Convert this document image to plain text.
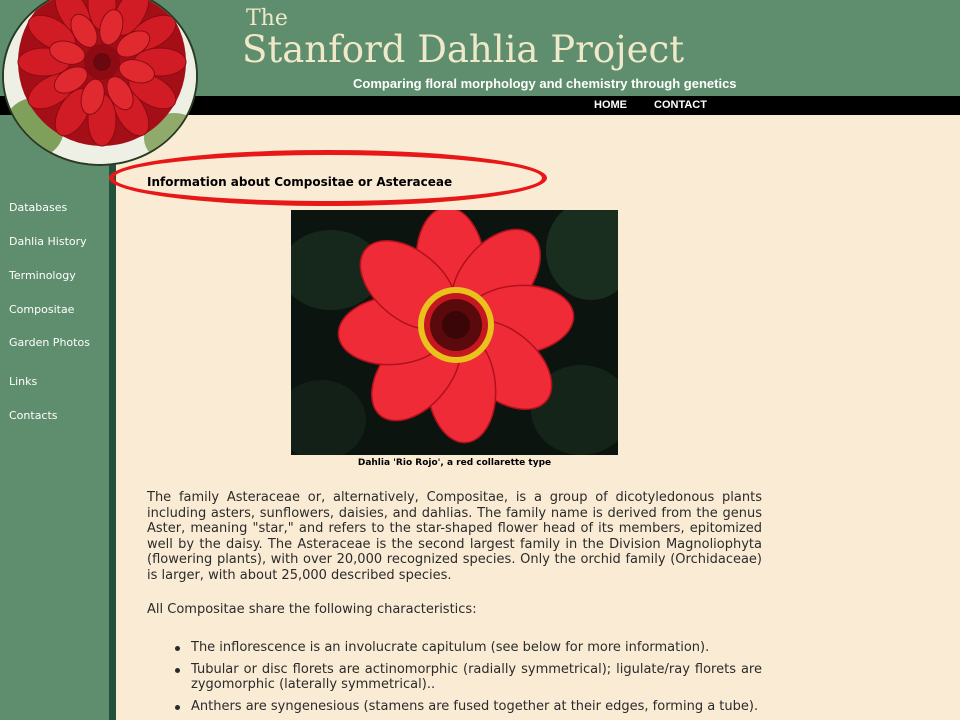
The
Stanford Dahlia Project
Comparing floral morphology and chemistry through genetics
HOME CONTACT
Databases
Dahlia History
Terminology
Compositae
Garden Photos
Links
Contacts
Information about Compositae or Asteraceae
Dahlia 'Rio Rojo', a red collarette type

The family Asteraceae or, alternatively, Compositae, is a group of dicotyledonous plants including asters, sunflowers, daisies, and dahlias. The family name is derived from the genus Aster, meaning "star," and refers to the star-shaped flower head of its members, epitomized well by the daisy. The Asteraceae is the second largest family in the Division Magnoliophyta (flowering plants), with over 20,000 recognized species. Only the orchid family (Orchidaceae) is larger, with about 25,000 described species.

All Compositae share the following characteristics:

The inflorescence is an involucrate capitulum (see below for more information).
Tubular or disc florets are actinomorphic (radially symmetrical); ligulate/ray florets are zygomorphic (laterally symmetrical)..
Anthers are syngenesious (stamens are fused together at their edges, forming a tube).
